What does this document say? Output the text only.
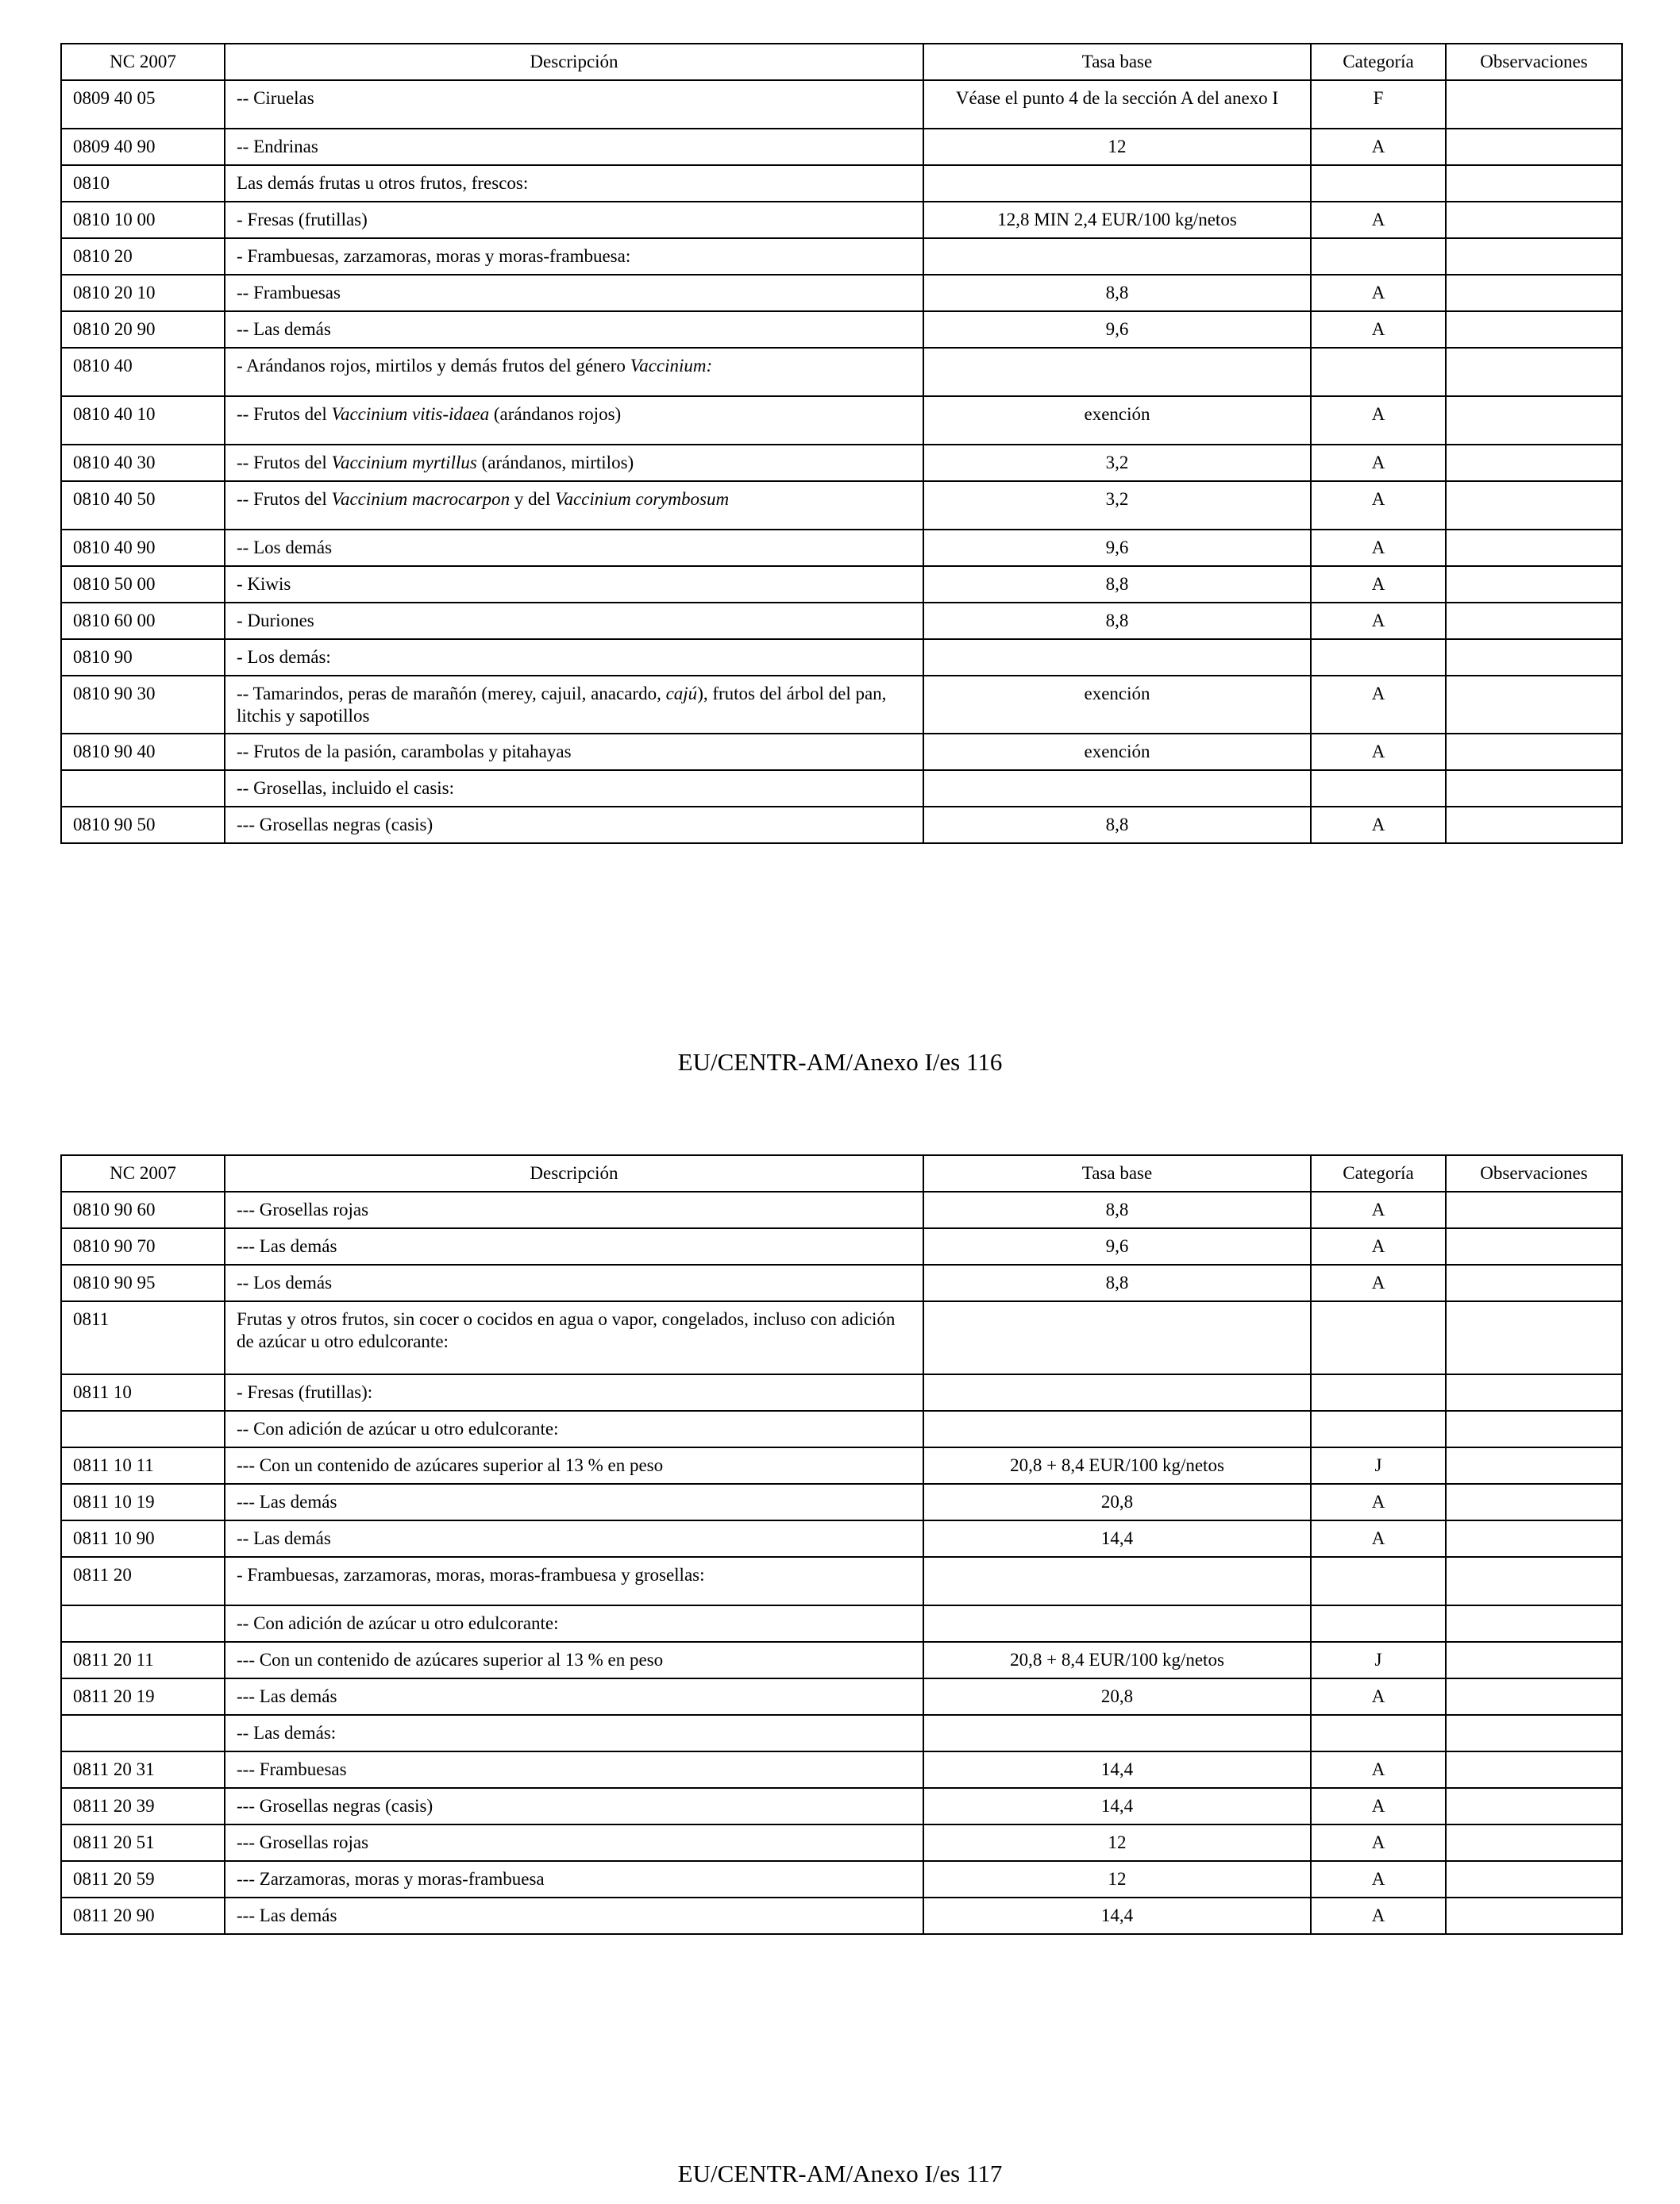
NC 2007	Descripción	Tasa base	Categoría	Observaciones
0809 40 05	-- Ciruelas	Véase el punto 4 de la sección A del anexo I	F	
0809 40 90	-- Endrinas	12	A	
0810	Las demás frutas u otros frutos, frescos:			
0810 10 00	- Fresas (frutillas)	12,8 MIN 2,4 EUR/100 kg/netos	A	
0810 20	- Frambuesas, zarzamoras, moras y moras-frambuesa:			
0810 20 10	-- Frambuesas	8,8	A	
0810 20 90	-- Las demás	9,6	A	
0810 40	- Arándanos rojos, mirtilos y demás frutos del género Vaccinium:			
0810 40 10	-- Frutos del Vaccinium vitis-idaea (arándanos rojos)	exención	A	
0810 40 30	-- Frutos del Vaccinium myrtillus (arándanos, mirtilos)	3,2	A	
0810 40 50	-- Frutos del Vaccinium macrocarpon y del Vaccinium corymbosum	3,2	A	
0810 40 90	-- Los demás	9,6	A	
0810 50 00	- Kiwis	8,8	A	
0810 60 00	- Duriones	8,8	A	
0810 90	- Los demás:			
0810 90 30	-- Tamarindos, peras de marañón (merey, cajuil, anacardo, cajú), frutos del árbol del pan, litchis y sapotillos	exención	A	
0810 90 40	-- Frutos de la pasión, carambolas y pitahayas	exención	A	
	-- Grosellas, incluido el casis:			
0810 90 50	--- Grosellas negras (casis)	8,8	A	
EU/CENTR-AM/Anexo I/es 116
NC 2007	Descripción	Tasa base	Categoría	Observaciones
0810 90 60	--- Grosellas rojas	8,8	A	
0810 90 70	--- Las demás	9,6	A	
0810 90 95	-- Los demás	8,8	A	
0811	Frutas y otros frutos, sin cocer o cocidos en agua o vapor, congelados, incluso con adición de azúcar u otro edulcorante:			
0811 10	- Fresas (frutillas):			
	-- Con adición de azúcar u otro edulcorante:			
0811 10 11	--- Con un contenido de azúcares superior al 13 % en peso	20,8 + 8,4 EUR/100 kg/netos	J	
0811 10 19	--- Las demás	20,8	A	
0811 10 90	-- Las demás	14,4	A	
0811 20	- Frambuesas, zarzamoras, moras, moras-frambuesa y grosellas:			
	-- Con adición de azúcar u otro edulcorante:			
0811 20 11	--- Con un contenido de azúcares superior al 13 % en peso	20,8 + 8,4 EUR/100 kg/netos	J	
0811 20 19	--- Las demás	20,8	A	
	-- Las demás:			
0811 20 31	--- Frambuesas	14,4	A	
0811 20 39	--- Grosellas negras (casis)	14,4	A	
0811 20 51	--- Grosellas rojas	12	A	
0811 20 59	--- Zarzamoras, moras y moras-frambuesa	12	A	
0811 20 90	--- Las demás	14,4	A	
EU/CENTR-AM/Anexo I/es 117
